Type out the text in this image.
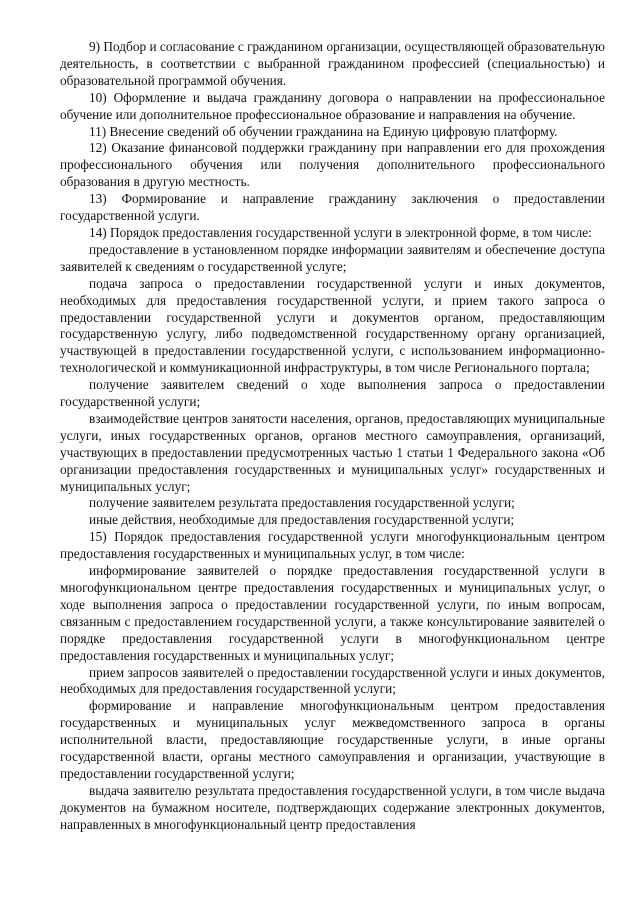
9) Подбор и согласование с гражданином организации, осуществляющей образовательную деятельность, в соответствии с выбранной гражданином профессией (специальностью) и образовательной программой обучения.

10) Оформление и выдача гражданину договора о направлении на профессиональное обучение или дополнительное профессиональное образование и направления на обучение.

11) Внесение сведений об обучении гражданина на Единую цифровую платформу.

12) Оказание финансовой поддержки гражданину при направлении его для прохождения профессионального обучения или получения дополнительного профессионального образования в другую местность.

13) Формирование и направление гражданину заключения о предоставлении государственной услуги.

14) Порядок предоставления государственной услуги в электронной форме, в том числе:

предоставление в установленном порядке информации заявителям и обеспечение доступа заявителей к сведениям о государственной услуге;

подача запроса о предоставлении государственной услуги и иных документов, необходимых для предоставления государственной услуги, и прием такого запроса о предоставлении государственной услуги и документов органом, предоставляющим государственную услугу, либо подведомственной государственному органу организацией, участвующей в предоставлении государственной услуги, с использованием информационно-технологической и коммуникационной инфраструктуры, в том числе Регионального портала;

получение заявителем сведений о ходе выполнения запроса о предоставлении государственной услуги;

взаимодействие центров занятости населения, органов, предоставляющих муниципальные услуги, иных государственных органов, органов местного самоуправления, организаций, участвующих в предоставлении предусмотренных частью 1 статьи 1 Федерального закона «Об организации предоставления государственных и муниципальных услуг» государственных и муниципальных услуг;

получение заявителем результата предоставления государственной услуги;

иные действия, необходимые для предоставления государственной услуги;

15) Порядок предоставления государственной услуги многофункциональным центром предоставления государственных и муниципальных услуг, в том числе:

информирование заявителей о порядке предоставления государственной услуги в многофункциональном центре предоставления государственных и муниципальных услуг, о ходе выполнения запроса о предоставлении государственной услуги, по иным вопросам, связанным с предоставлением государственной услуги, а также консультирование заявителей о порядке предоставления государственной услуги в многофункциональном центре предоставления государственных и муниципальных услуг;

прием запросов заявителей о предоставлении государственной услуги и иных документов, необходимых для предоставления государственной услуги;

формирование и направление многофункциональным центром предоставления государственных и муниципальных услуг межведомственного запроса в органы исполнительной власти, предоставляющие государственные услуги, в иные органы государственной власти, органы местного самоуправления и организации, участвующие в предоставлении государственной услуги;

выдача заявителю результата предоставления государственной услуги, в том числе выдача документов на бумажном носителе, подтверждающих содержание электронных документов, направленных в многофункциональный центр предоставления
